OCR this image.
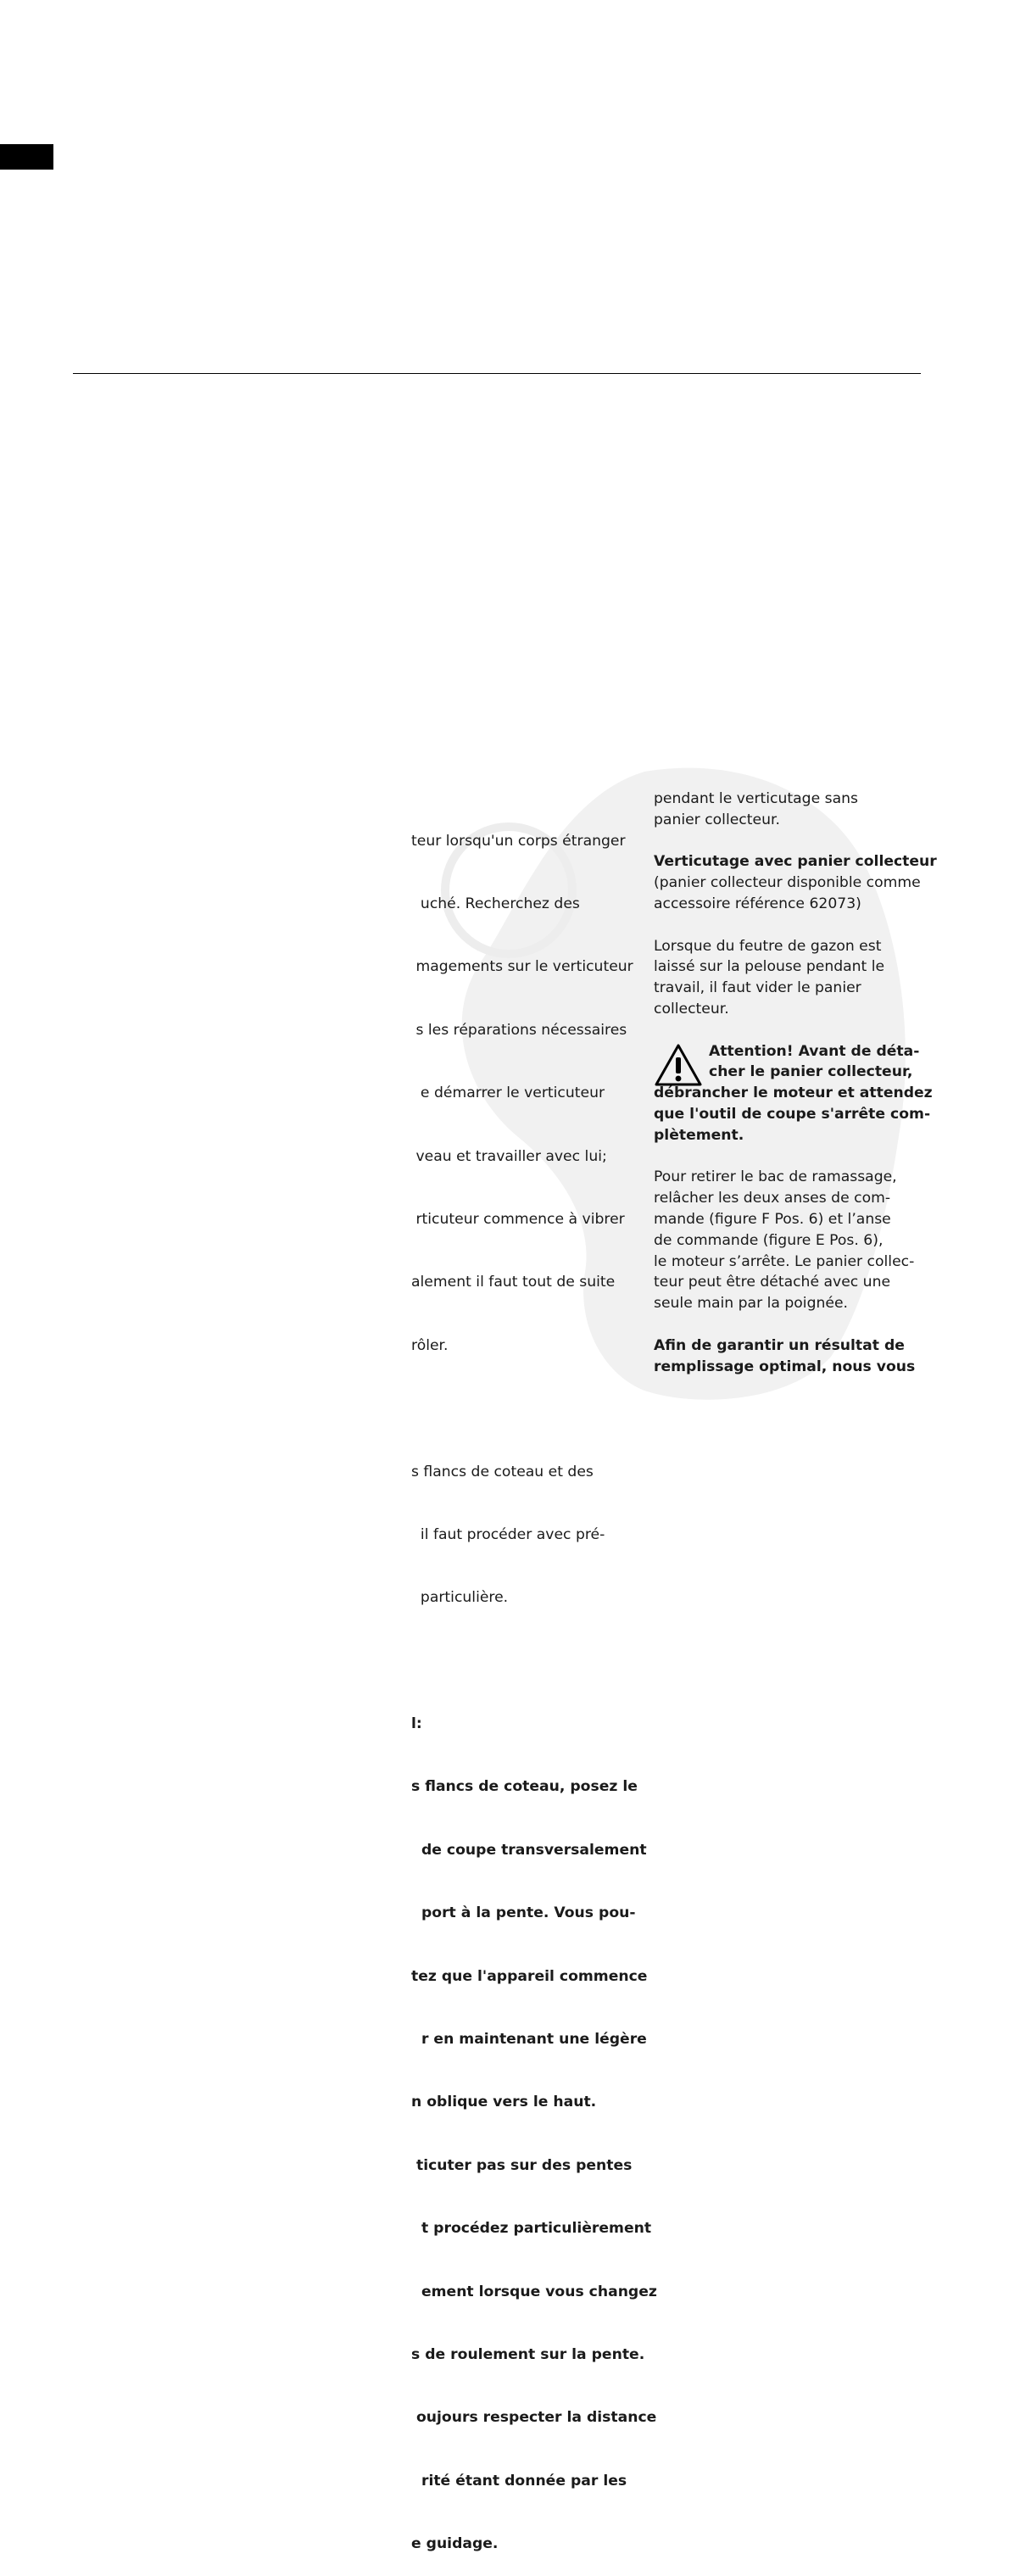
teur lorsqu'un corps étranger

uché. Recherchez des

magements sur le verticuteur

s les réparations nécessaires

e démarrer le verticuteur

veau et travailler avec lui;

rticuteur commence à vibrer

alement il faut tout de suite

rôler.

s flancs de coteau et des

il faut procéder avec pré-

particulière.

l:

s flancs de coteau, posez le

de coupe transversalement

port à la pente. Vous pou-

tez que l'appareil commence

r en maintenant une légère

n oblique vers le haut.

ticuter pas sur des pentes

t procédez particulièrement

ement lorsque vous changez

s de roulement sur la pente.

oujours respecter la distance

rité étant donnée par les

e guidage.

pendant le verticutage sans
panier collecteur.
Verticutage avec panier collecteur
(panier collecteur disponible comme
accessoire référence 62073)
Lorsque du feutre de gazon est
laissé sur la pelouse pendant le
travail, il faut vider le panier
collecteur.
Attention! Avant de déta-
cher le panier collecteur,
débrancher le moteur et attendez
que l'outil de coupe s'arrête com-
plètement.
Pour retirer le bac de ramassage,
relâcher les deux anses de com-
mande (figure F Pos. 6) et l’anse
de commande (figure E Pos. 6),
le moteur s’arrête. Le panier collec-
teur peut être détaché avec une
seule main par la poignée.
Afin de garantir un résultat de
remplissage optimal, nous vous
